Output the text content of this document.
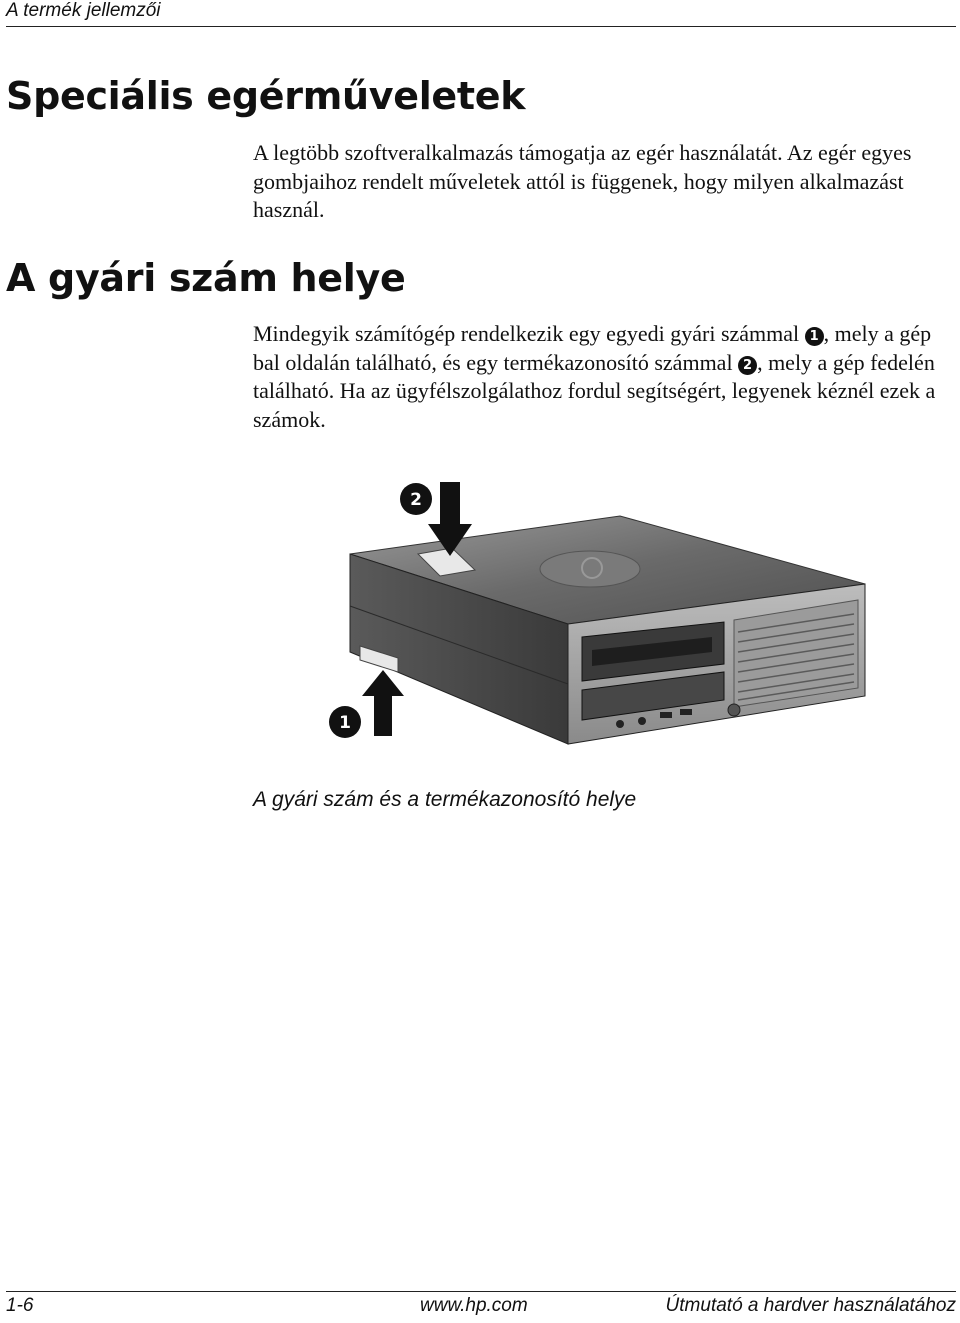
A termék jellemzői
Speciális egérműveletek

A legtöbb szoftveralkalmazás támogatja az egér használatát. Az egér egyes gombjaihoz rendelt műveletek attól is függenek, hogy milyen alkalmazást használ.

A gyári szám helye

Mindegyik számítógép rendelkezik egy egyedi gyári számmal 1 , mely a gép bal oldalán található, és egy termékazonosító számmal 2 , mely a gép fedelén található. Ha az ügyfélszolgálathoz fordul segítségért, legyenek kéznél ezek a számok.

2
1
A gyári szám és a termékazonosító helye
1-6	www.hp.com	Útmutató a hardver használatához
